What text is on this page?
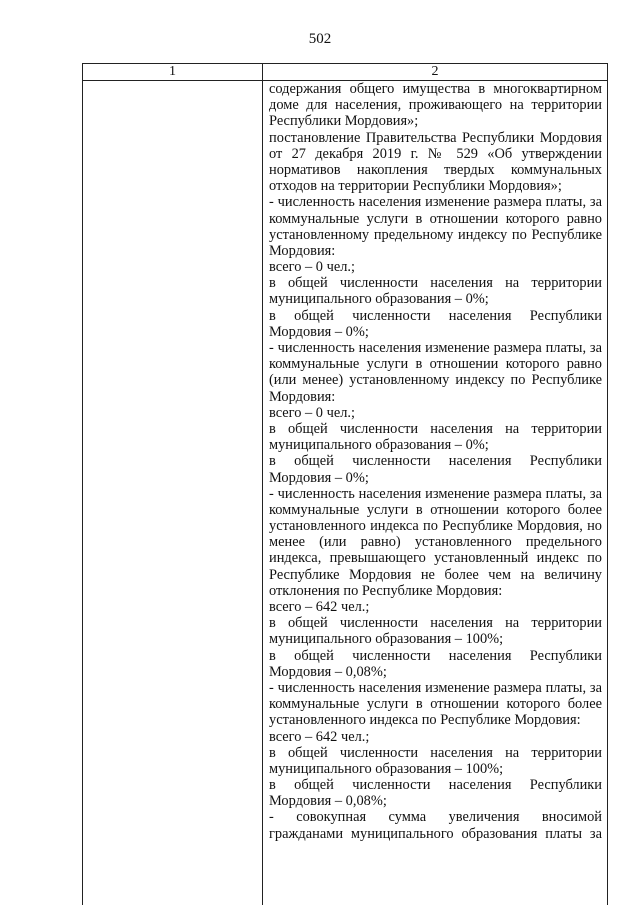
502
1	2
содержания общего имущества в многоквартирном
доме для населения, проживающего на территории
Республики Мордовия»;
постановление Правительства Республики Мордовия
от 27 декабря 2019 г. № 529 «Об утверждении
нормативов накопления твердых коммунальных
отходов на территории Республики Мордовия»;
- численность населения изменение размера платы, за
коммунальные услуги в отношении которого равно
установленному предельному индексу по Республике
Мордовия:
всего – 0 чел.;
в общей численности населения на территории
муниципального образования – 0%;
в общей численности населения Республики
Мордовия – 0%;
- численность населения изменение размера платы, за
коммунальные услуги в отношении которого равно
(или менее) установленному индексу по Республике
Мордовия:
всего – 0 чел.;
в общей численности населения на территории
муниципального образования – 0%;
в общей численности населения Республики
Мордовия – 0%;
- численность населения изменение размера платы, за
коммунальные услуги в отношении которого более
установленного индекса по Республике Мордовия, но
менее (или равно) установленного предельного
индекса, превышающего установленный индекс по
Республике Мордовия не более чем на величину
отклонения по Республике Мордовия:
всего – 642 чел.;
в общей численности населения на территории
муниципального образования – 100%;
в общей численности населения Республики
Мордовия – 0,08%;
- численность населения изменение размера платы, за
коммунальные услуги в отношении которого более
установленного индекса по Республике Мордовия:
всего – 642 чел.;
в общей численности населения на территории
муниципального образования – 100%;
в общей численности населения Республики
Мордовия – 0,08%;
- совокупная сумма увеличения вносимой
гражданами муниципального образования платы за
